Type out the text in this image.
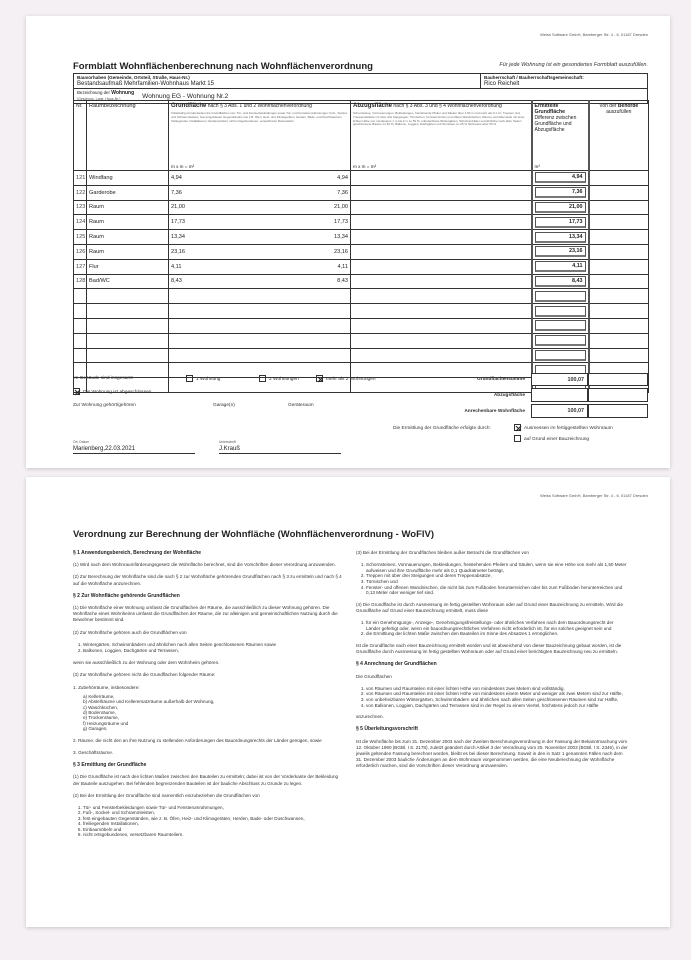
Weiss Software GmbH, Bamberger Str. 4 - 6, 01187 Dresden
Formblatt Wohnflächenberechnung nach Wohnflächenverordnung	Für jede Wohnung ist ein gesondertes Formblatt auszufüllen.
Bauvorhaben (Gemeinde, Ortsteil, Straße, Haus-Nr.)
Bestandsaufmaß Mehrfamilien-Wohnhaus Markt 15

Bauherrschaft / Bauherrschaftsgemeinschaft:
Rico Reichelt

Bezeichnung der Wohnung
(Geschoss, Lage, Haus-Nr.)	Wohnung EG - Wohnung Nr.2
Nr.	Raumbezeichnung	Grundfläche nach § 3 Abs. 1 und 2 Wohnflächenverordnung
Vollständig einzubeziehen die Grundflächen von: Tür- und Fensterbekleidungen sowie Tür- und Fensterumrahmungen; Fuß-, Sockel- und Schrammleisten; fest eingebauten Gegenständen wie z.B. Öfen, Heiz- und Klimageräten, Herden, Bade- und Duschwannen; freiliegenden Installationen; Einbaumöbeln; nicht ortsgebundenen, versetzbaren Raumteilern
m x m = m²
	Abzugsfläche nach § 3 Abs. 3 und § 4 Wohnflächenverordnung
Schornsteine, Vormauerungen, Bekleidungen, freistehende Pfeiler und Säulen über 1,50 m und mehr als 0,1 m²; Treppen und Treppenabsätze mit über drei Steigungen; Türnischen, Fensternischen und offene Wandnischen; Räume und Raumteile mit einer lichten Höhe von mindestens 1 m bis 2 m zu 50 %; unbeheizbare Wintergärten, Schwimmbäder und ähnliche nach allen Seiten geschlossene Räume zu 50 %; Balkone, Loggien, Dachgärten und Terrassen zu 25 % höchstens aber 50 %
m x m = m²

Ermittelte Grundfläche
Differenz zwischen Grundfläche und Abzugsfläche
m²
	Von der Behörde
auszufüllen
121	Windfang	4,94 4,94		4,94	

122	Garderobe	7,36 7,36		7,36	

123	Raum	21,00 21,00		21,00	

124	Raum	17,73 17,73		17,73	

125	Raum	13,34 13,34		13,34	

126	Raum	23,16 23,16		23,16	

127	Flur	4,11 4,11		4,11	

128	Bad/WC	8,43 8,43		8,43	

Im Gebäude sind insgesamt	1 Wohnung	2 Wohnungen	mehr als 2 Wohnungen
Die Wohnung ist abgeschlossen
Zur Wohnung gehört/gehören	Garage(n)	Geräteraum
Grundflächensumme	100,07
Abzugsfläche
Anrechenbare Wohnfläche	100,07
Die Ermittlung der Grundfläche erfolgte durch:	Ausmessen im fertiggestellten Wohnraum
auf Grund einer Bauzeichnung
Ort, Datum
Marienberg,22.03.2021
Unterschrift
J.Krauß
Weiss Software GmbH, Bamberger Str. 4 - 6, 01187 Dresden
Verordnung zur Berechnung der Wohnfläche (Wohnflächenverordnung - WoFlV)
§ 1 Anwendungsbereich, Berechnung der Wohnfläche

(1) Wird nach dem Wohnraumförderungsgesetz die Wohnfläche berechnet, sind die Vorschriften dieser Verordnung anzuwenden.

(2) Zur Berechnung der Wohnfläche sind die nach § 2 zur Wohnfläche gehörenden Grundflächen nach § 3 zu ermitteln und nach § 4 auf die Wohnfläche anzurechnen.

§ 2 Zur Wohnfläche gehörende Grundflächen

(1) Die Wohnfläche einer Wohnung umfasst die Grundflächen der Räume, die ausschließlich zu dieser Wohnung gehören. Die Wohnfläche eines Wohnheims umfasst die Grundflächen der Räume, die zur alleinigen und gemeinschaftlichen Nutzung durch die Bewohner bestimmt sind.

(2) Zur Wohnfläche gehören auch die Grundflächen von

1. Wintergärten, Schwimmbädern und ähnlichen nach allen Seiten geschlossenen Räumen sowie
2. Balkonen, Loggien, Dachgärten und Terrassen,

wenn sie ausschließlich zu der Wohnung oder dem Wohnheim gehören.

(3) Zur Wohnfläche gehören nicht die Grundflächen folgender Räume:

1. Zubehörräume, insbesondere:

a) Kellerräume,
b) Abstellräume und Kellerersatzräume außerhalb der Wohnung,
c) Waschküchen,
d) Bodenräume,
e) Trockenräume,
f) Heizungsräume und
g) Garagen,

2. Räume, die nicht den an ihre Nutzung zu stellenden Anforderungen des Bauordnungsrechts der Länder genügen, sowie

3. Geschäftsräume.

§ 3 Ermittlung der Grundfläche

(1) Die Grundfläche ist nach den lichten Maßen zwischen den Bauteilen zu ermitteln; dabei ist von der Vorderkante der Bekleidung der Bauteile auszugehen. Bei fehlenden begrenzenden Bauteilen ist der bauliche Abschluss zu Grunde zu legen.

(2) Bei der Ermittlung der Grundfläche sind namentlich einzubeziehen die Grundflächen von

1. Tür- und Fensterbekleidungen sowie Tür- und Fensterumrahmungen,
2. Fuß-, Sockel- und Schrammleisten,
3. fest eingebauten Gegenständen, wie z. B. Öfen, Heiz- und Klimageräten, Herden, Bade- oder Duschwannen,
4. freiliegenden Installationen,
5. Einbaumöbeln und
6. nicht ortsgebundenen, versetzbaren Raumteilern.

(3) Bei der Ermittlung der Grundflächen bleiben außer Betracht die Grundflächen von

1. Schornsteinen, Vormauerungen, Bekleidungen, freistehenden Pfeilern und Säulen, wenn sie eine Höhe von mehr als 1,50 Meter aufweisen und ihre Grundfläche mehr als 0,1 Quadratmeter beträgt,
2. Treppen mit über drei Steigungen und deren Treppenabsätze,
3. Türnischen und
4. Fenster- und offenen Wandnischen, die nicht bis zum Fußboden herunterreichen oder bis zum Fußboden herunterreichen und 0,13 Meter oder weniger tief sind.

(4) Die Grundfläche ist durch Ausmessung im fertig gestellten Wohnraum oder auf Grund einer Bauzeichnung zu ermitteln. Wird die Grundfläche auf Grund einer Bauzeichnung ermittelt, muss diese

1. für ein Genehmigungs-, Anzeige-, Genehmigungsfreistellungs- oder ähnliches Verfahren nach dem Bauordnungsrecht der Länder gefertigt oder, wenn ein bauordnungsrechtliches Verfahren nicht erforderlich ist, für ein solches geeignet sein und
2. die Ermittlung der lichten Maße zwischen den Bauteilen im Sinne des Absatzes 1 ermöglichen.

Ist die Grundfläche nach einer Bauzeichnung ermittelt worden und ist abweichend von dieser Bauzeichnung gebaut worden, ist die Grundfläche durch Ausmessung im fertig gestellten Wohnraum oder auf Grund einer berichtigten Bauzeichnung neu zu ermitteln.

§ 4 Anrechnung der Grundflächen

Die Grundflächen

1. von Räumen und Raumteilen mit einer lichten Höhe von mindestens zwei Metern sind vollständig,
2. von Räumen und Raumteilen mit einer lichten Höhe von mindestens einem Meter und weniger als zwei Metern sind zur Hälfte,
3. von unbeheizbaren Wintergärten, Schwimmbädern und ähnlichen nach allen Seiten geschlossenen Räumen sind zur Hälfte,
4. von Balkonen, Loggien, Dachgärten und Terrassen sind in der Regel zu einem Viertel, höchstens jedoch zur Hälfte

anzurechnen.

§ 5 Überleitungsvorschrift

Ist die Wohnfläche bis zum 31. Dezember 2003 nach der Zweiten Berechnungsverordnung in der Fassung der Bekanntmachung vom 12. Oktober 1990 (BGBl. I S. 2178), zuletzt geändert durch Artikel 3 der Verordnung vom 25. November 2003 (BGBl. I S. 2346), in der jeweils geltenden Fassung berechnet worden, bleibt es bei dieser Berechnung. Soweit in den in Satz 1 genannten Fällen nach dem 31. Dezember 2003 bauliche Änderungen an dem Wohnraum vorgenommen werden, die eine Neuberechnung der Wohnfläche erforderlich machen, sind die Vorschriften dieser Verordnung anzuwenden.
